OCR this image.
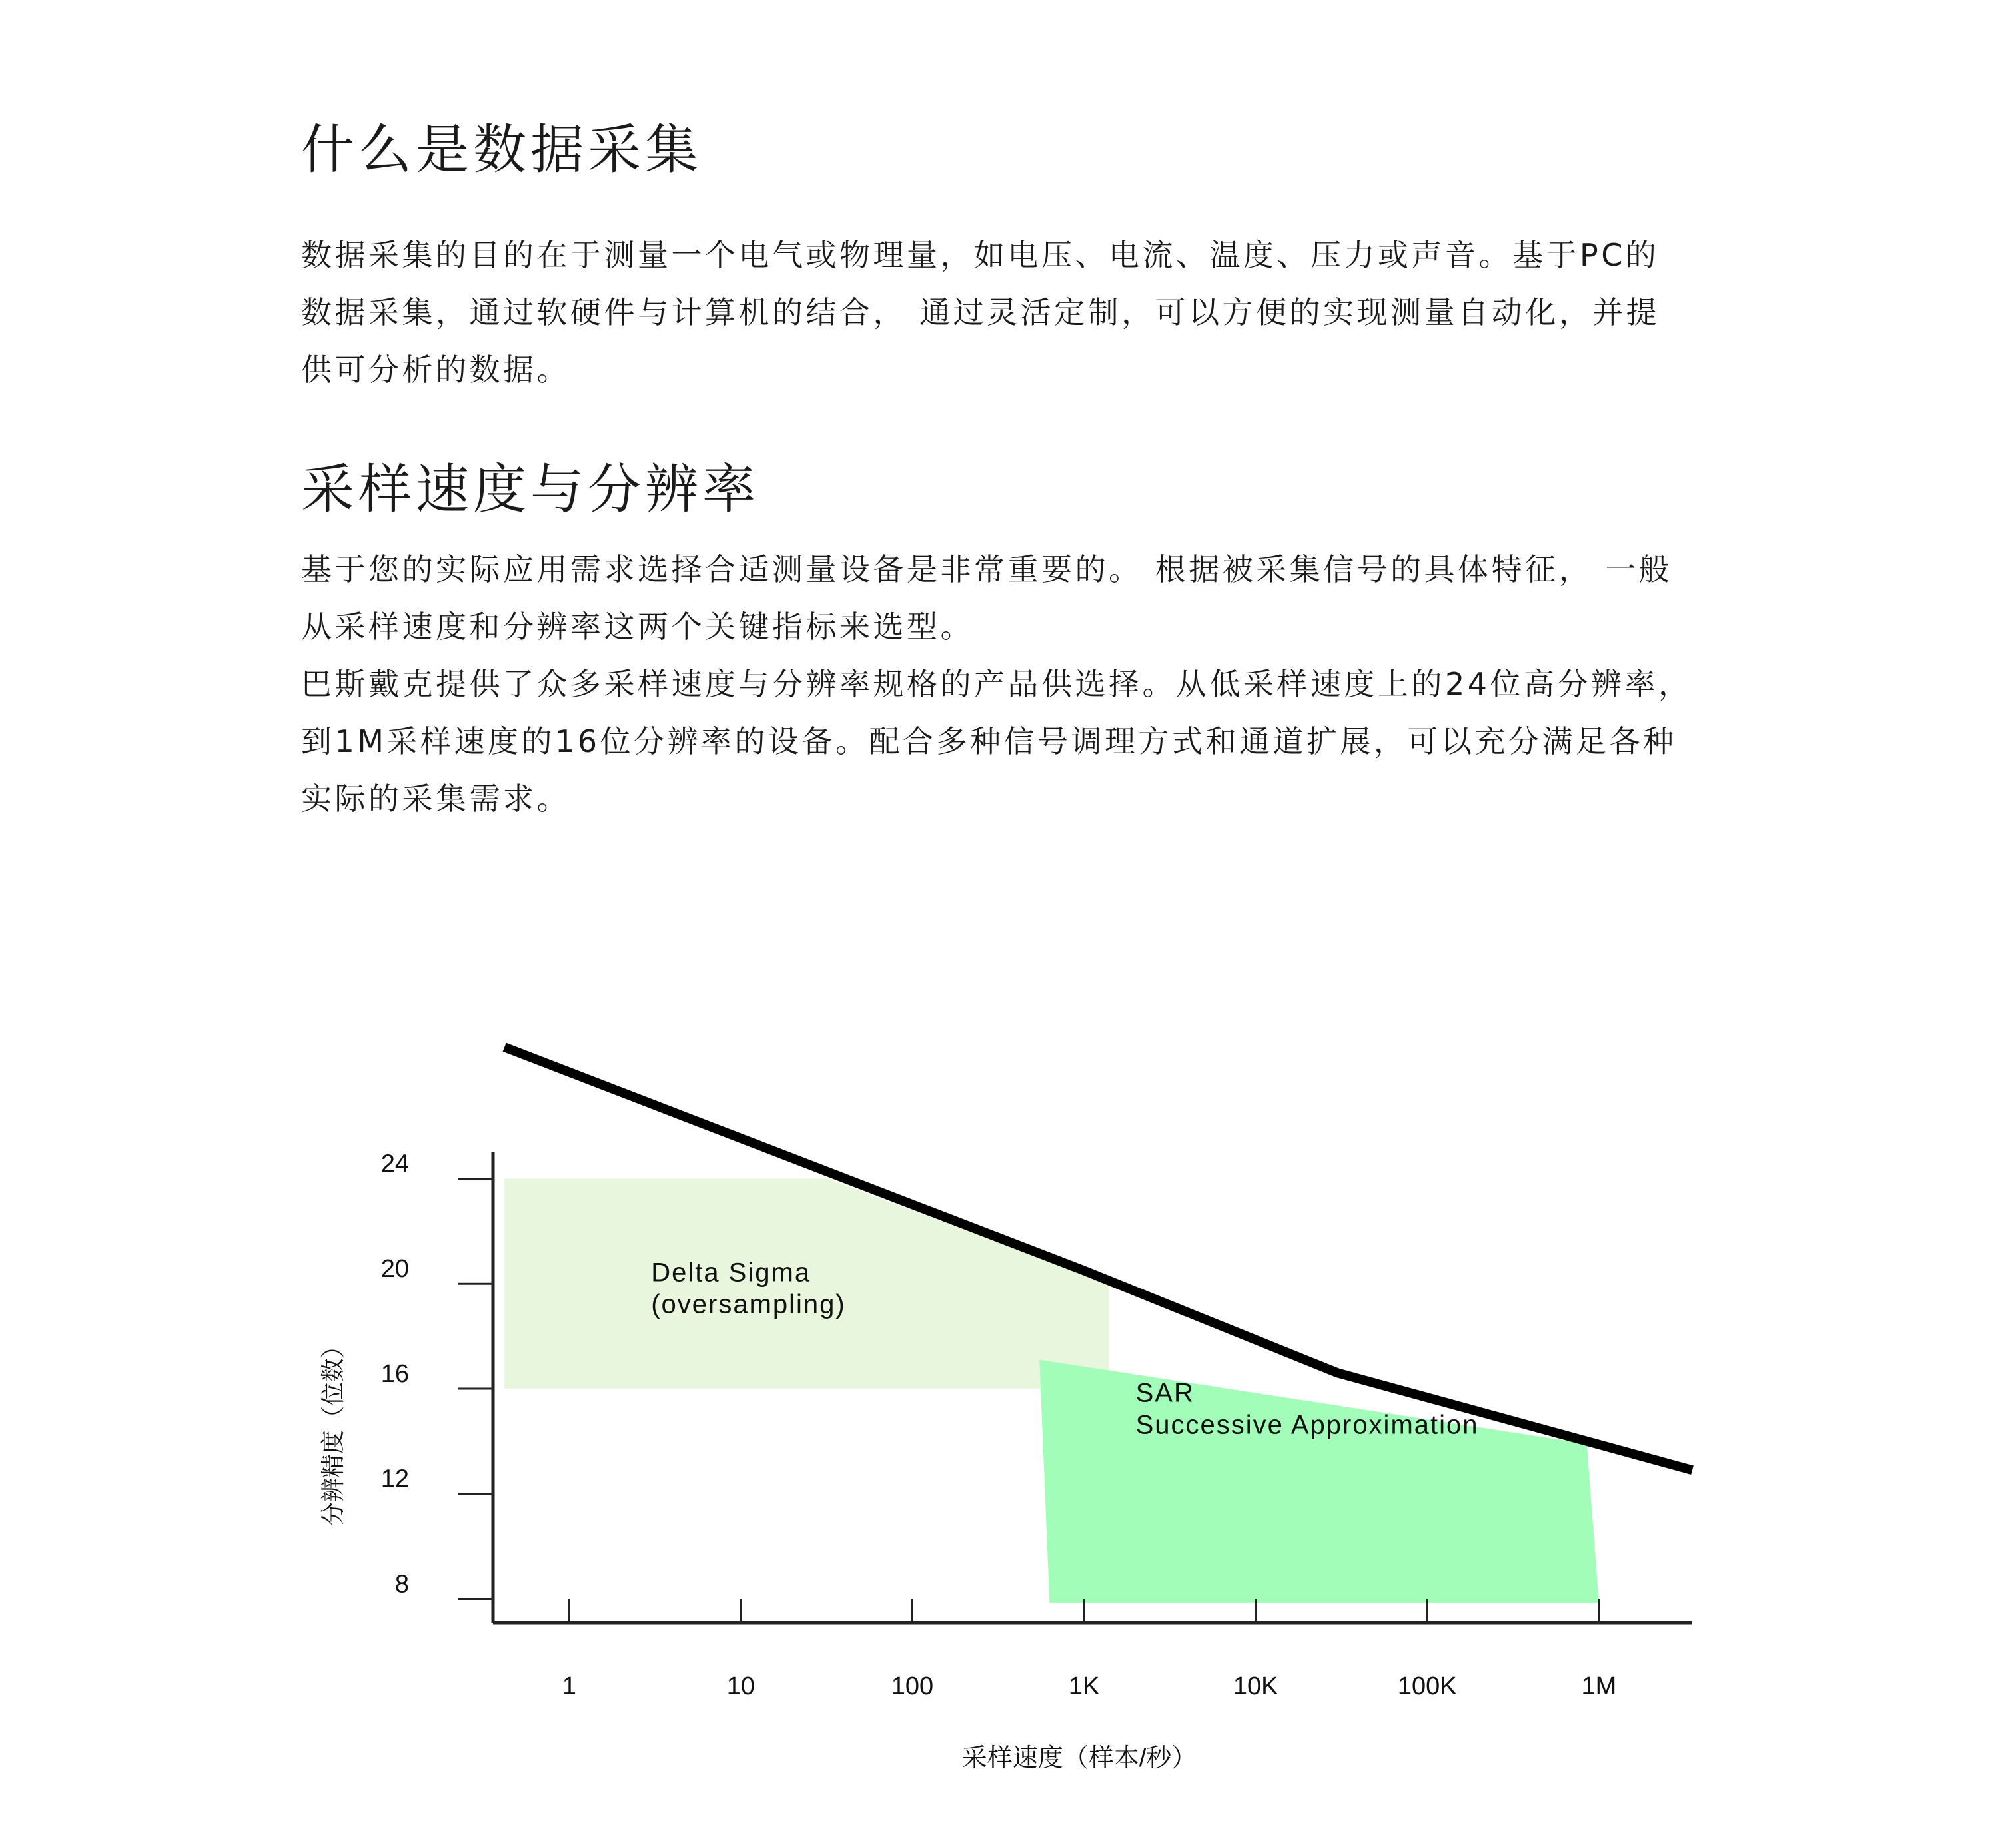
什么是数据采集

数据采集的目的在于测量一个电气或物理量，如电压、电流、温度、压力或声音。基于PC的
数据采集，通过软硬件与计算机的结合， 通过灵活定制，可以方便的实现测量自动化，并提
供可分析的数据。

采样速度与分辨率

基于您的实际应用需求选择合适测量设备是非常重要的。 根据被采集信号的具体特征， 一般
从采样速度和分辨率这两个关键指标来选型。

巴斯戴克提供了众多采样速度与分辨率规格的产品供选择。从低采样速度上的24位高分辨率，
到1M采样速度的16位分辨率的设备。配合多种信号调理方式和通道扩展，可以充分满足各种
实际的采集需求。

1	10	100	1K	10K	100K	1M
8
12
16
20
24
Delta Sigma
(oversampling)
SAR
Successive Approximation
分辨精度（位数）
采样速度（样本/秒）
